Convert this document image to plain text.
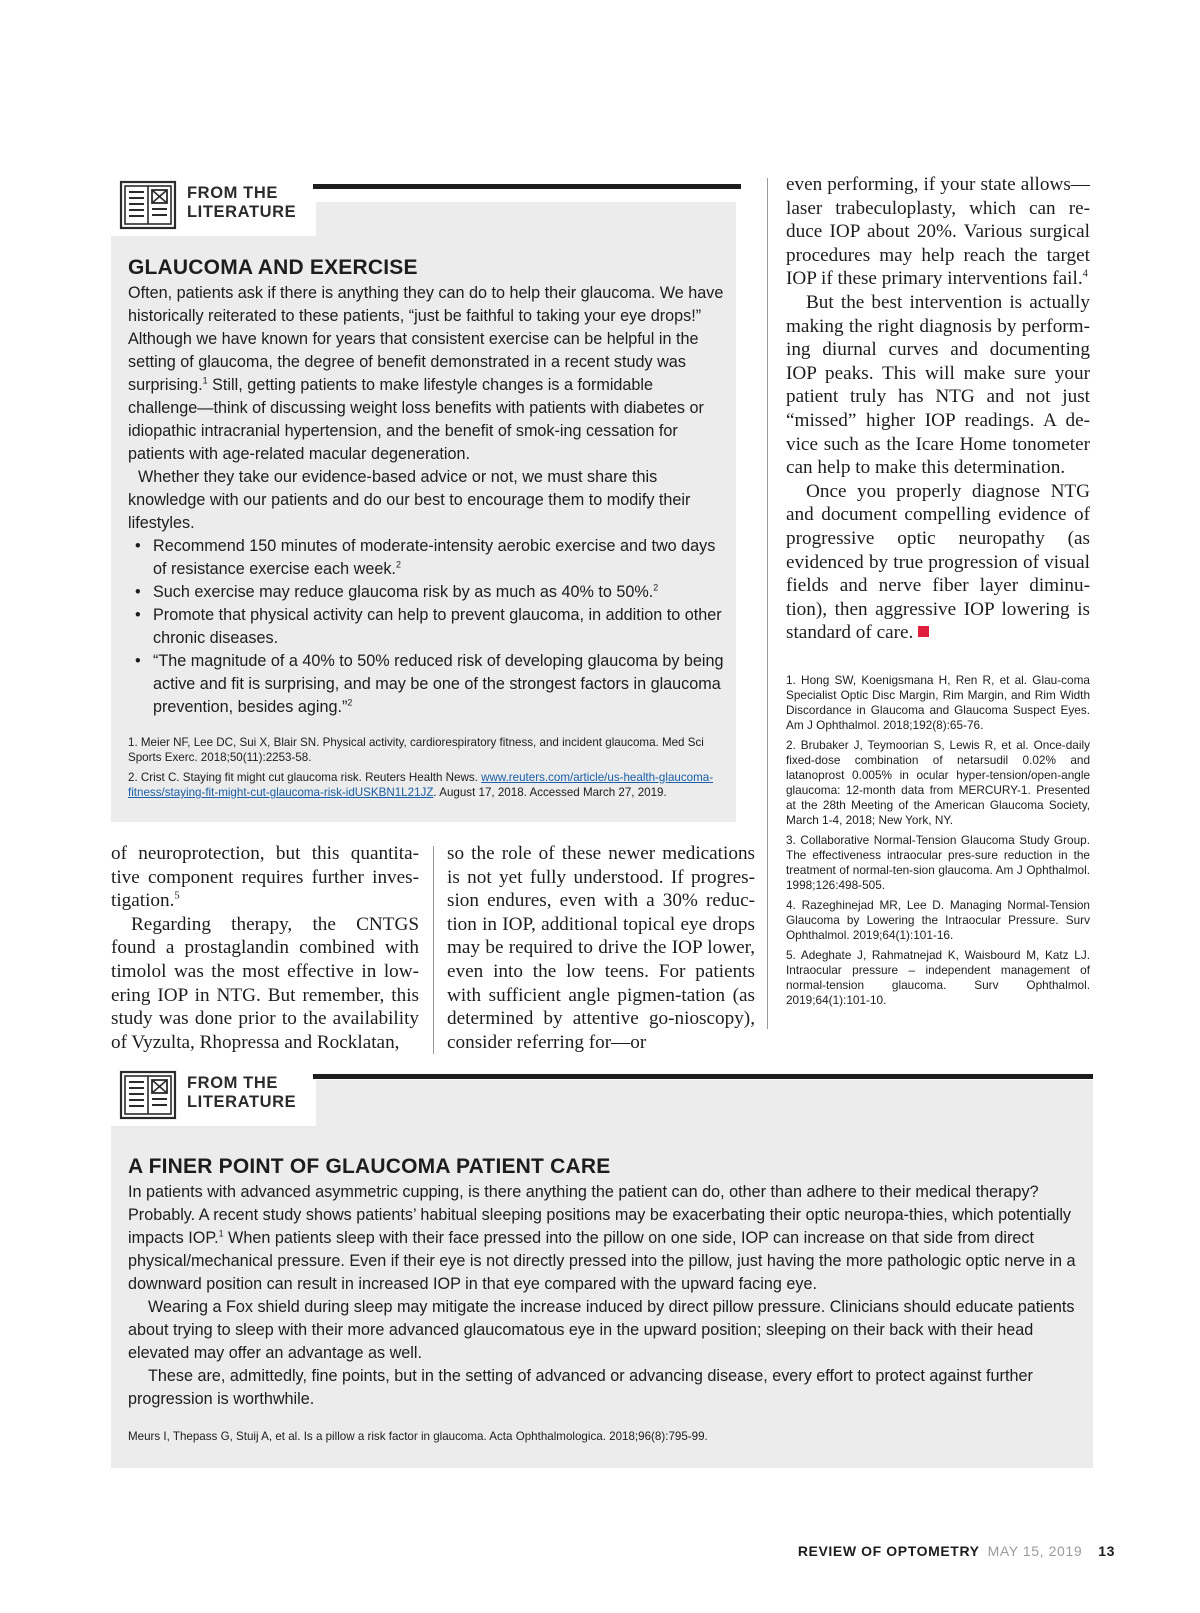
FROM THE
LITERATURE
GLAUCOMA AND EXERCISE

Often, patients ask if there is anything they can do to help their glaucoma. We have historically reiterated to these patients, “just be faithful to taking your eye drops!” Although we have known for years that consistent exercise can be helpful in the setting of glaucoma, the degree of benefit demonstrated in a recent study was surprising.$^1$ Still, getting patients to make lifestyle changes is a formidable challenge—think of discussing weight loss benefits with patients with diabetes or idiopathic intracranial hypertension, and the benefit of smok-ing cessation for patients with age-related macular degeneration.

Whether they take our evidence-based advice or not, we must share this knowledge with our patients and do our best to encourage them to modify their lifestyles.

• Recommend 150 minutes of moderate-intensity aerobic exercise and two days of resistance exercise each week.$^2$
• Such exercise may reduce glaucoma risk by as much as 40% to 50%.$^2$
• Promote that physical activity can help to prevent glaucoma, in addition to other chronic diseases.
• “The magnitude of a 40% to 50% reduced risk of developing glaucoma by being active and fit is surprising, and may be one of the strongest factors in glaucoma prevention, besides aging.”$^2$

1. Meier NF, Lee DC, Sui X, Blair SN. Physical activity, cardiorespiratory fitness, and incident glaucoma. Med Sci Sports Exerc. 2018;50(11):2253-58.

2. Crist C. Staying fit might cut glaucoma risk. Reuters Health News. www.reuters.com/article/us-health-glaucoma-fitness/staying-fit-might-cut-glaucoma-risk-idUSKBN1L21JZ. August 17, 2018. Accessed March 27, 2019.

even performing, if your state allows—laser trabeculoplasty, which can re-duce IOP about 20%. Various surgical procedures may help reach the target IOP if these primary interventions fail.$^4$

But the best intervention is actually making the right diagnosis by perform-ing diurnal curves and documenting IOP peaks. This will make sure your patient truly has NTG and not just “missed” higher IOP readings. A de-vice such as the Icare Home tonometer can help to make this determination.

Once you properly diagnose NTG and document compelling evidence of progressive optic neuropathy (as evidenced by true progression of visual fields and nerve fiber layer diminu-tion), then aggressive IOP lowering is standard of care.

1. Hong SW, Koenigsmana H, Ren R, et al. Glau-coma Specialist Optic Disc Margin, Rim Margin, and Rim Width Discordance in Glaucoma and Glaucoma Suspect Eyes. Am J Ophthalmol. 2018;192(8):65-76.

2. Brubaker J, Teymoorian S, Lewis R, et al. Once-daily fixed-dose combination of netarsudil 0.02% and latanoprost 0.005% in ocular hyper-tension/open-angle glaucoma: 12-month data from MERCURY-1. Presented at the 28th Meeting of the American Glaucoma Society, March 1-4, 2018; New York, NY.

3. Collaborative Normal-Tension Glaucoma Study Group. The effectiveness intraocular pres-sure reduction in the treatment of normal-ten-sion glaucoma. Am J Ophthalmol. 1998;126:498-505.

4. Razeghinejad MR, Lee D. Managing Normal-Tension Glaucoma by Lowering the Intraocular Pressure. Surv Ophthalmol. 2019;64(1):101-16.

5. Adeghate J, Rahmatnejad K, Waisbourd M, Katz LJ. Intraocular pressure – independent management of normal-tension glaucoma. Surv Ophthalmol. 2019;64(1):101-10.

of neuroprotection, but this quantita-tive component requires further inves-tigation.$^5$

Regarding therapy, the CNTGS found a prostaglandin combined with timolol was the most effective in low-ering IOP in NTG. But remember, this study was done prior to the availability of Vyzulta, Rhopressa and Rocklatan,

so the role of these newer medications is not yet fully understood. If progres-sion endures, even with a 30% reduc-tion in IOP, additional topical eye drops may be required to drive the IOP lower, even into the low teens. For patients with sufficient angle pigmen-tation (as determined by attentive go-nioscopy), consider referring for—or

FROM THE
LITERATURE
A FINER POINT OF GLAUCOMA PATIENT CARE

In patients with advanced asymmetric cupping, is there anything the patient can do, other than adhere to their medical therapy? Probably. A recent study shows patients’ habitual sleeping positions may be exacerbating their optic neuropa-thies, which potentially impacts IOP.$^1$ When patients sleep with their face pressed into the pillow on one side, IOP can increase on that side from direct physical/mechanical pressure. Even if their eye is not directly pressed into the pillow, just having the more pathologic optic nerve in a downward position can result in increased IOP in that eye compared with the upward facing eye.

Wearing a Fox shield during sleep may mitigate the increase induced by direct pillow pressure. Clinicians should educate patients about trying to sleep with their more advanced glaucomatous eye in the upward position; sleeping on their back with their head elevated may offer an advantage as well.

These are, admittedly, fine points, but in the setting of advanced or advancing disease, every effort to protect against further progression is worthwhile.

Meurs I, Thepass G, Stuij A, et al. Is a pillow a risk factor in glaucoma. Acta Ophthalmologica. 2018;96(8):795-99.

REVIEW OF OPTOMETRY MAY 15, 2019 13
